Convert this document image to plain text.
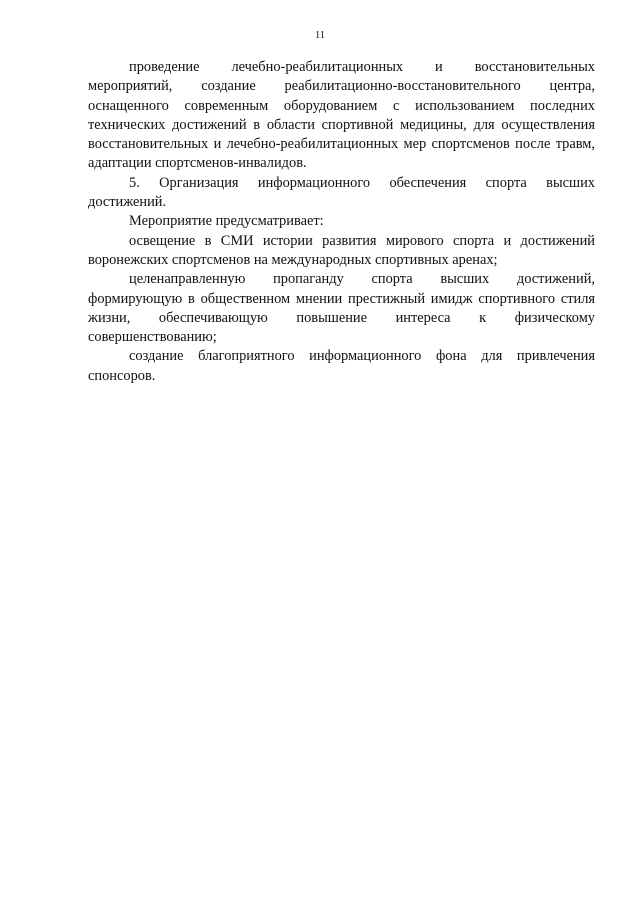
11

проведение лечебно-реабилитационных и восстановительных мероприятий, создание реабилитационно-восстановительного центра, оснащенного современным оборудованием с использованием последних технических достижений в области спортивной медицины, для осуществления восстановительных и лечебно-реабилитационных мер спортсменов после травм, адаптации спортсменов-инвалидов.

5. Организация информационного обеспечения спорта высших достижений.

Мероприятие предусматривает:

освещение в СМИ истории развития мирового спорта и достижений воронежских спортсменов на международных спортивных аренах;

целенаправленную пропаганду спорта высших достижений, формирующую в общественном мнении престижный имидж спортивного стиля жизни, обеспечивающую повышение интереса к физическому совершенствованию;

создание благоприятного информационного фона для привлечения спонсоров.
